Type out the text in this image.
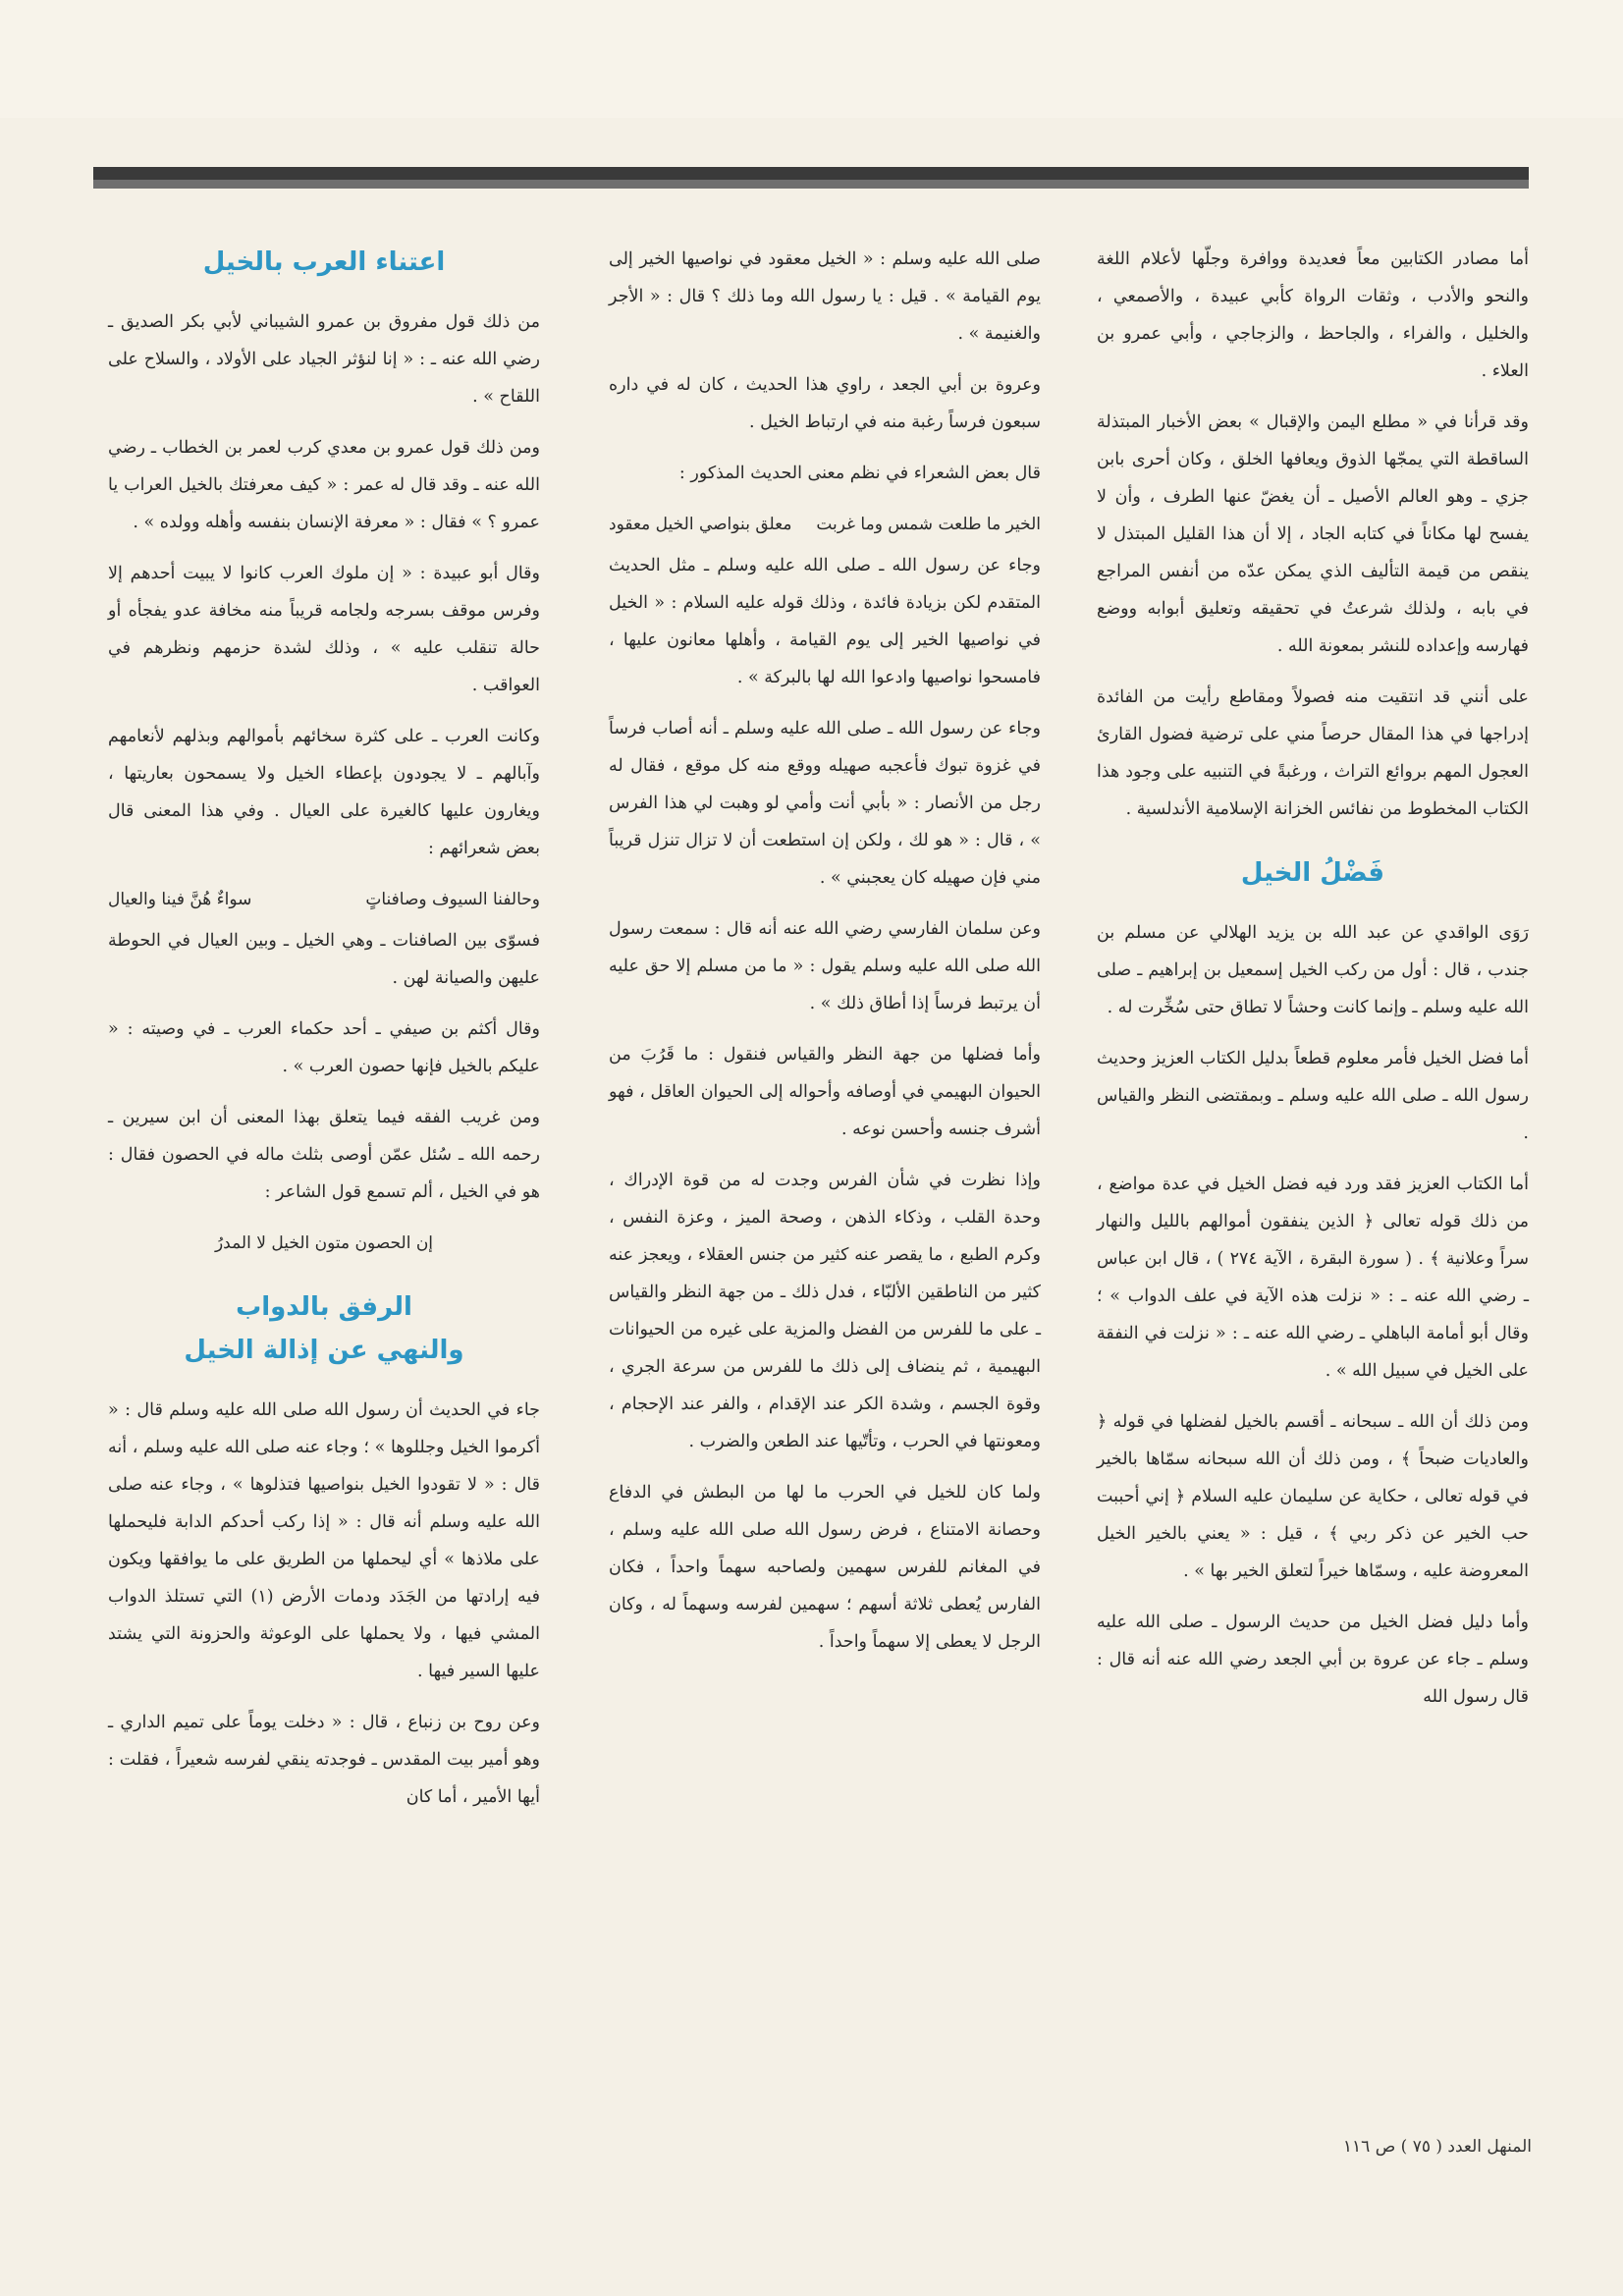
أما مصادر الكتابين معاً فعديدة ووافرة وجلّها لأعلام اللغة والنحو والأدب ، وثقات الرواة كأبي عبيدة ، والأصمعي ، والخليل ، والفراء ، والجاحظ ، والزجاجي ، وأبي عمرو بن العلاء .

وقد قرأنا في « مطلع اليمن والإقبال » بعض الأخبار المبتذلة الساقطة التي يمجّها الذوق ويعافها الخلق ، وكان أحرى بابن جزي ـ وهو العالم الأصيل ـ أن يغضّ عنها الطرف ، وأن لا يفسح لها مكاناً في كتابه الجاد ، إلا أن هذا القليل المبتذل لا ينقص من قيمة التأليف الذي يمكن عدّه من أنفس المراجع في بابه ، ولذلك شرعتُ في تحقيقه وتعليق أبوابه ووضع فهارسه وإعداده للنشر بمعونة الله .

على أنني قد انتقيت منه فصولاً ومقاطع رأيت من الفائدة إدراجها في هذا المقال حرصاً مني على ترضية فضول القارئ العجول المهم بروائع التراث ، ورغبةً في التنبيه على وجود هذا الكتاب المخطوط من نفائس الخزانة الإسلامية الأندلسية .

فَضْلُ الخيل

رَوَى الواقدي عن عبد الله بن يزيد الهلالي عن مسلم بن جندب ، قال : أول من ركب الخيل إسمعيل بن إبراهيم ـ صلى الله عليه وسلم ـ وإنما كانت وحشاً لا تطاق حتى سُخِّرت له .

أما فضل الخيل فأمر معلوم قطعاً بدليل الكتاب العزيز وحديث رسول الله ـ صلى الله عليه وسلم ـ وبمقتضى النظر والقياس .

أما الكتاب العزيز فقد ورد فيه فضل الخيل في عدة مواضع ، من ذلك قوله تعالى ﴿ الذين ينفقون أموالهم بالليل والنهار سراً وعلانية ﴾ . ( سورة البقرة ، الآية ٢٧٤ ) ، قال ابن عباس ـ رضي الله عنه ـ : « نزلت هذه الآية في علف الدواب » ؛ وقال أبو أمامة الباهلي ـ رضي الله عنه ـ : « نزلت في النفقة على الخيل في سبيل الله » .

ومن ذلك أن الله ـ سبحانه ـ أقسم بالخيل لفضلها في قوله ﴿ والعاديات ضبحاً ﴾ ، ومن ذلك أن الله سبحانه سمّاها بالخير في قوله تعالى ، حكاية عن سليمان عليه السلام ﴿ إني أحببت حب الخير عن ذكر ربي ﴾ ، قيل : « يعني بالخير الخيل المعروضة عليه ، وسمّاها خيراً لتعلق الخير بها » .

وأما دليل فضل الخيل من حديث الرسول ـ صلى الله عليه وسلم ـ جاء عن عروة بن أبي الجعد رضي الله عنه أنه قال : قال رسول الله

صلى الله عليه وسلم : « الخيل معقود في نواصيها الخير إلى يوم القيامة » . قيل : يا رسول الله وما ذلك ؟ قال : « الأجر والغنيمة » .

وعروة بن أبي الجعد ، راوي هذا الحديث ، كان له في داره سبعون فرساً رغبة منه في ارتباط الخيل .

قال بعض الشعراء في نظم معنى الحديث المذكور :

الخير ما طلعت شمس وما غربت
معلق بنواصي الخيل معقود

وجاء عن رسول الله ـ صلى الله عليه وسلم ـ مثل الحديث المتقدم لكن بزيادة فائدة ، وذلك قوله عليه السلام : « الخيل في نواصيها الخير إلى يوم القيامة ، وأهلها معانون عليها ، فامسحوا نواصيها وادعوا الله لها بالبركة » .

وجاء عن رسول الله ـ صلى الله عليه وسلم ـ أنه أصاب فرساً في غزوة تبوك فأعجبه صهيله ووقع منه كل موقع ، فقال له رجل من الأنصار : « بأبي أنت وأمي لو وهبت لي هذا الفرس » ، قال : « هو لك ، ولكن إن استطعت أن لا تزال تنزل قريباً مني فإن صهيله كان يعجبني » .

وعن سلمان الفارسي رضي الله عنه أنه قال : سمعت رسول الله صلى الله عليه وسلم يقول : « ما من مسلم إلا حق عليه أن يرتبط فرساً إذا أطاق ذلك » .

وأما فضلها من جهة النظر والقياس فنقول : ما قَرُبَ من الحيوان البهيمي في أوصافه وأحواله إلى الحيوان العاقل ، فهو أشرف جنسه وأحسن نوعه .

وإذا نظرت في شأن الفرس وجدت له من قوة الإدراك ، وحدة القلب ، وذكاء الذهن ، وصحة الميز ، وعزة النفس ، وكرم الطبع ، ما يقصر عنه كثير من جنس العقلاء ، ويعجز عنه كثير من الناطقين الألبّاء ، فدل ذلك ـ من جهة النظر والقياس ـ على ما للفرس من الفضل والمزية على غيره من الحيوانات البهيمية ، ثم ينضاف إلى ذلك ما للفرس من سرعة الجري ، وقوة الجسم ، وشدة الكر عند الإقدام ، والفر عند الإحجام ، ومعونتها في الحرب ، وتأتّيها عند الطعن والضرب .

ولما كان للخيل في الحرب ما لها من البطش في الدفاع وحصانة الامتناع ، فرض رسول الله صلى الله عليه وسلم ، في المغانم للفرس سهمين ولصاحبه سهماً واحداً ، فكان الفارس يُعطى ثلاثة أسهم ؛ سهمين لفرسه وسهماً له ، وكان الرجل لا يعطى إلا سهماً واحداً .

اعتناء العرب بالخيل

من ذلك قول مفروق بن عمرو الشيباني لأبي بكر الصديق ـ رضي الله عنه ـ : « إنا لنؤثر الجياد على الأولاد ، والسلاح على اللقاح » .

ومن ذلك قول عمرو بن معدي كرب لعمر بن الخطاب ـ رضي الله عنه ـ وقد قال له عمر : « كيف معرفتك بالخيل العراب يا عمرو ؟ » فقال : « معرفة الإنسان بنفسه وأهله وولده » .

وقال أبو عبيدة : « إن ملوك العرب كانوا لا يبيت أحدهم إلا وفرس موقف بسرجه ولجامه قريباً منه مخافة عدو يفجأه أو حالة تنقلب عليه » ، وذلك لشدة حزمهم ونظرهم في العواقب .

وكانت العرب ـ على كثرة سخائهم بأموالهم وبذلهم لأنعامهم وآبالهم ـ لا يجودون بإعطاء الخيل ولا يسمحون بعاريتها ، ويغارون عليها كالغيرة على العيال . وفي هذا المعنى قال بعض شعرائهم :

وحالفنا السيوف وصافناتٍ
سواءٌ هُنَّ فينا والعيال

فسوّى بين الصافنات ـ وهي الخيل ـ وبين العيال في الحوطة عليهن والصيانة لهن .

وقال أكثم بن صيفي ـ أحد حكماء العرب ـ في وصيته : « عليكم بالخيل فإنها حصون العرب » .

ومن غريب الفقه فيما يتعلق بهذا المعنى أن ابن سيرين ـ رحمه الله ـ سُئل عمّن أوصى بثلث ماله في الحصون فقال : هو في الخيل ، ألم تسمع قول الشاعر :

إن الحصون متون الخيل لا المدرُ
الرفق بالدواب
والنهي عن إذالة الخيل

جاء في الحديث أن رسول الله صلى الله عليه وسلم قال : « أكرموا الخيل وجللوها » ؛ وجاء عنه صلى الله عليه وسلم ، أنه قال : « لا تقودوا الخيل بنواصيها فتذلوها » ، وجاء عنه صلى الله عليه وسلم أنه قال : « إذا ركب أحدكم الدابة فليحملها على ملاذها » أي ليحملها من الطريق على ما يوافقها ويكون فيه إرادتها من الجَدَد ودمات الأرض (١) التي تستلذ الدواب المشي فيها ، ولا يحملها على الوعوثة والحزونة التي يشتد عليها السير فيها .

وعن روح بن زنباع ، قال : « دخلت يوماً على تميم الداري ـ وهو أمير بيت المقدس ـ فوجدته ينقي لفرسه شعيراً ، فقلت : أيها الأمير ، أما كان

المنهل العدد ( ٧٥ ) ص ١١٦
